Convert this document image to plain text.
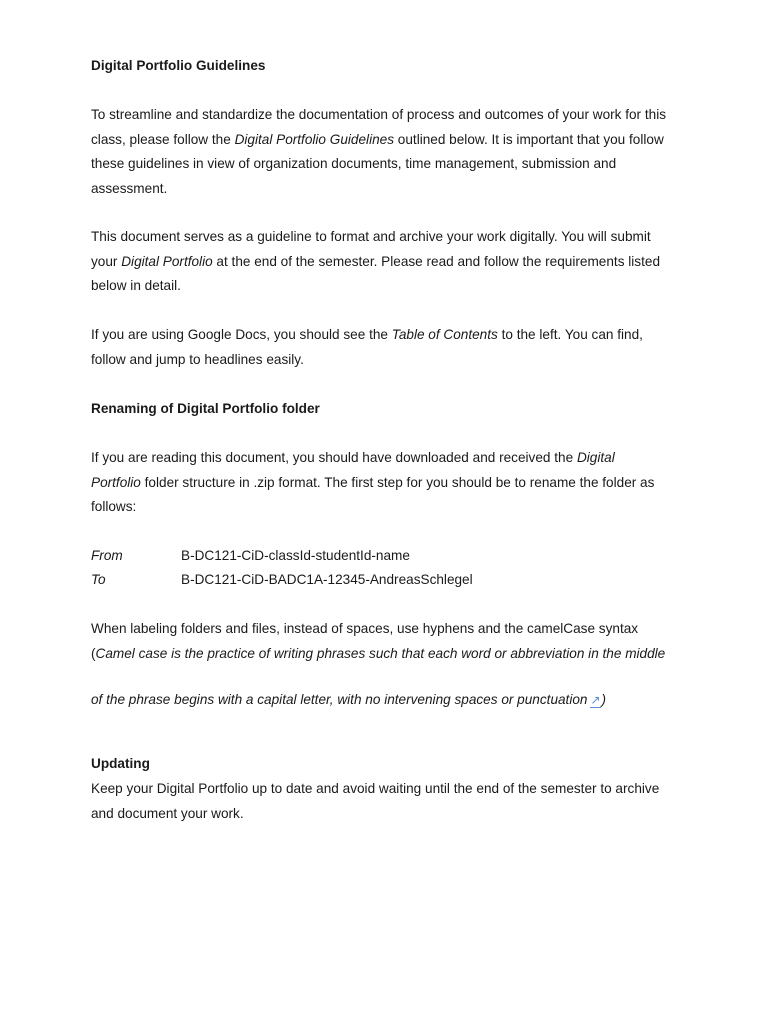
Digital Portfolio Guidelines
To streamline and standardize the documentation of process and outcomes of your work for this
class, please follow the Digital Portfolio Guidelines outlined below. It is important that you follow
these guidelines in view of organization documents, time management, submission and
assessment.
This document serves as a guideline to format and archive your work digitally. You will submit
your Digital Portfolio at the end of the semester. Please read and follow the requirements listed
below in detail.
If you are using Google Docs, you should see the Table of Contents to the left. You can find,
follow and jump to headlines easily.
Renaming of Digital Portfolio folder
If you are reading this document, you should have downloaded and received the Digital
Portfolio folder structure in .zip format. The first step for you should be to rename the folder as
follows:
From	B-DC121-CiD-classId-studentId-name
To	B-DC121-CiD-BADC1A-12345-AndreasSchlegel
When labeling folders and files, instead of spaces, use hyphens and the camelCase syntax
(Camel case is the practice of writing phrases such that each word or abbreviation in the middle
of the phrase begins with a capital letter, with no intervening spaces or punctuation ↗)
Updating
Keep your Digital Portfolio up to date and avoid waiting until the end of the semester to archive
and document your work.
